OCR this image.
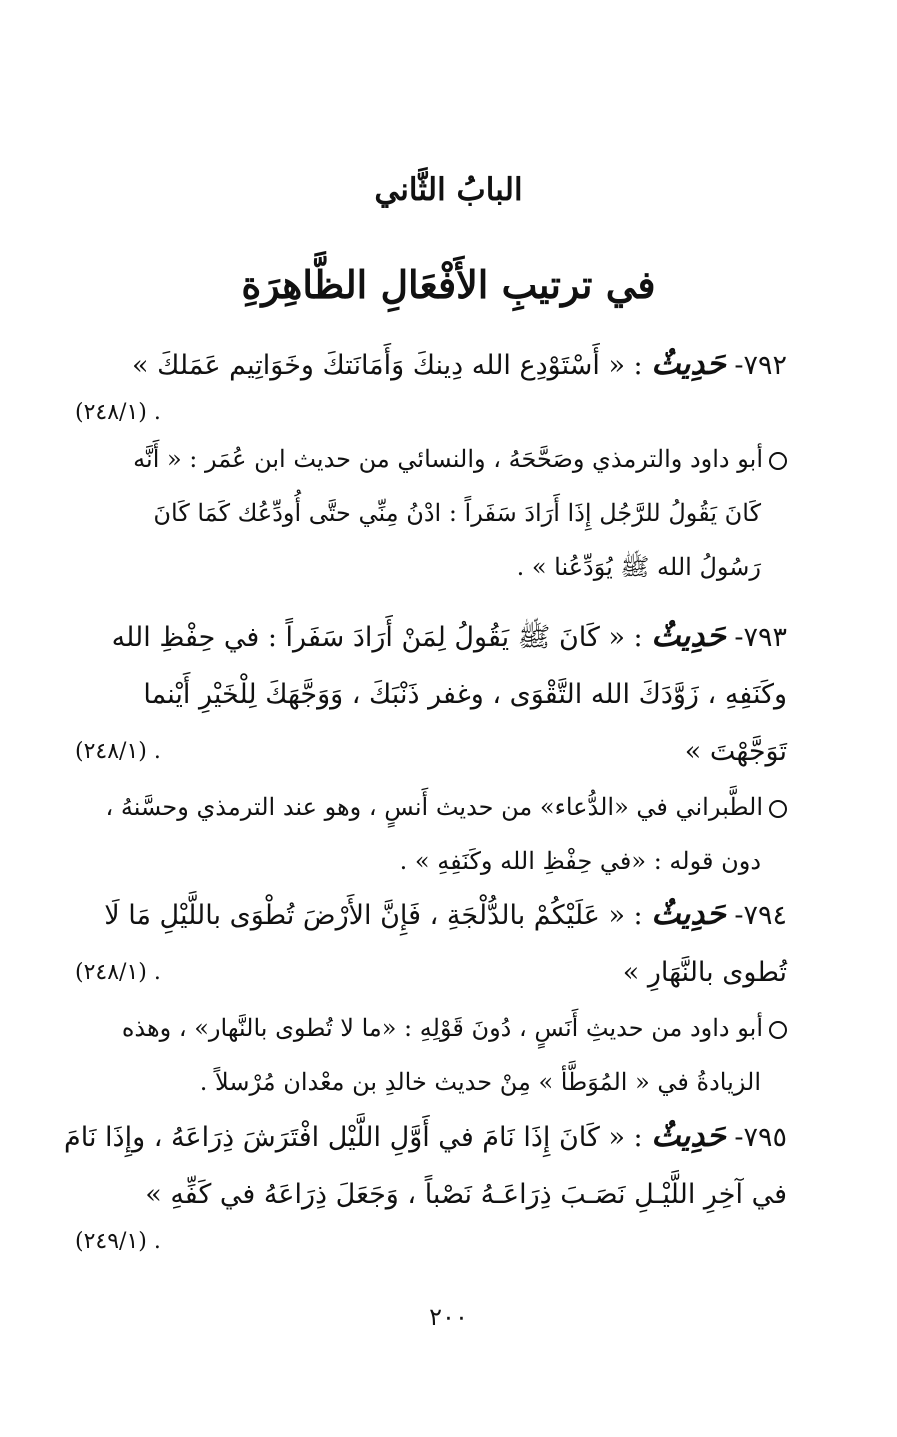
البابُ الثَّاني
في ترتيبِ الأَفْعَالِ الظَّاهِرَةِ
٧٩٢- حَدِيثٌ : « أَسْتَوْدِع الله دِينكَ وَأَمَانَتكَ وخَوَاتِيم عَمَلكَ »
. (٢٤٨/١)
أبو داود والترمذي وصَحَّحَهُ ، والنسائي من حديث ابن عُمَر : « أَنَّه
كَانَ يَقُولُ للرَّجُل إِذَا أَرَادَ سَفَراً : ادْنُ مِنِّي حتَّى أُودِّعُك كَمَا كَانَ
رَسُولُ الله ﷺ يُوَدِّعُنا » .
٧٩٣- حَدِيثٌ : « كَانَ ﷺ يَقُولُ لِمَنْ أَرَادَ سَفَراً : في حِفْظِ الله
وكَنَفِهِ ، زَوَّدَكَ الله التَّقْوَى ، وغفر ذَنْبَكَ ، وَوَجَّهَكَ لِلْخَيْرِ أَيْنما
تَوَجَّهْتَ »
. (٢٤٨/١)
الطَّبراني في «الدُّعاء» من حديث أَنسٍ ، وهو عند الترمذي وحسَّنهُ ،
دون قوله : «في حِفْظِ الله وكَنَفِهِ » .
٧٩٤- حَدِيثٌ : « عَلَيْكُمْ بالدُّلْجَةِ ، فَإِنَّ الأَرْضَ تُطْوَى باللَّيْلِ مَا لَا
تُطوى بالنَّهَارِ »
. (٢٤٨/١)
أبو داود من حديثِ أَنَسٍ ، دُونَ قَوْلِهِ : «ما لا تُطوى بالنَّهار» ، وهذه
الزيادةُ في « المُوَطَّأ » مِنْ حديث خالدِ بن معْدان مُرْسلاً .
٧٩٥- حَدِيثٌ : « كَانَ إِذَا نَامَ في أَوَّلِ اللَّيْل افْتَرَشَ ذِرَاعَهُ ، وإِذَا نَامَ
في آخِرِ اللَّيْـلِ نَصَـبَ ذِرَاعَـهُ نَصْباً ، وَجَعَلَ ذِرَاعَهُ في كَفِّهِ »
. (٢٤٩/١)
٢٠٠
